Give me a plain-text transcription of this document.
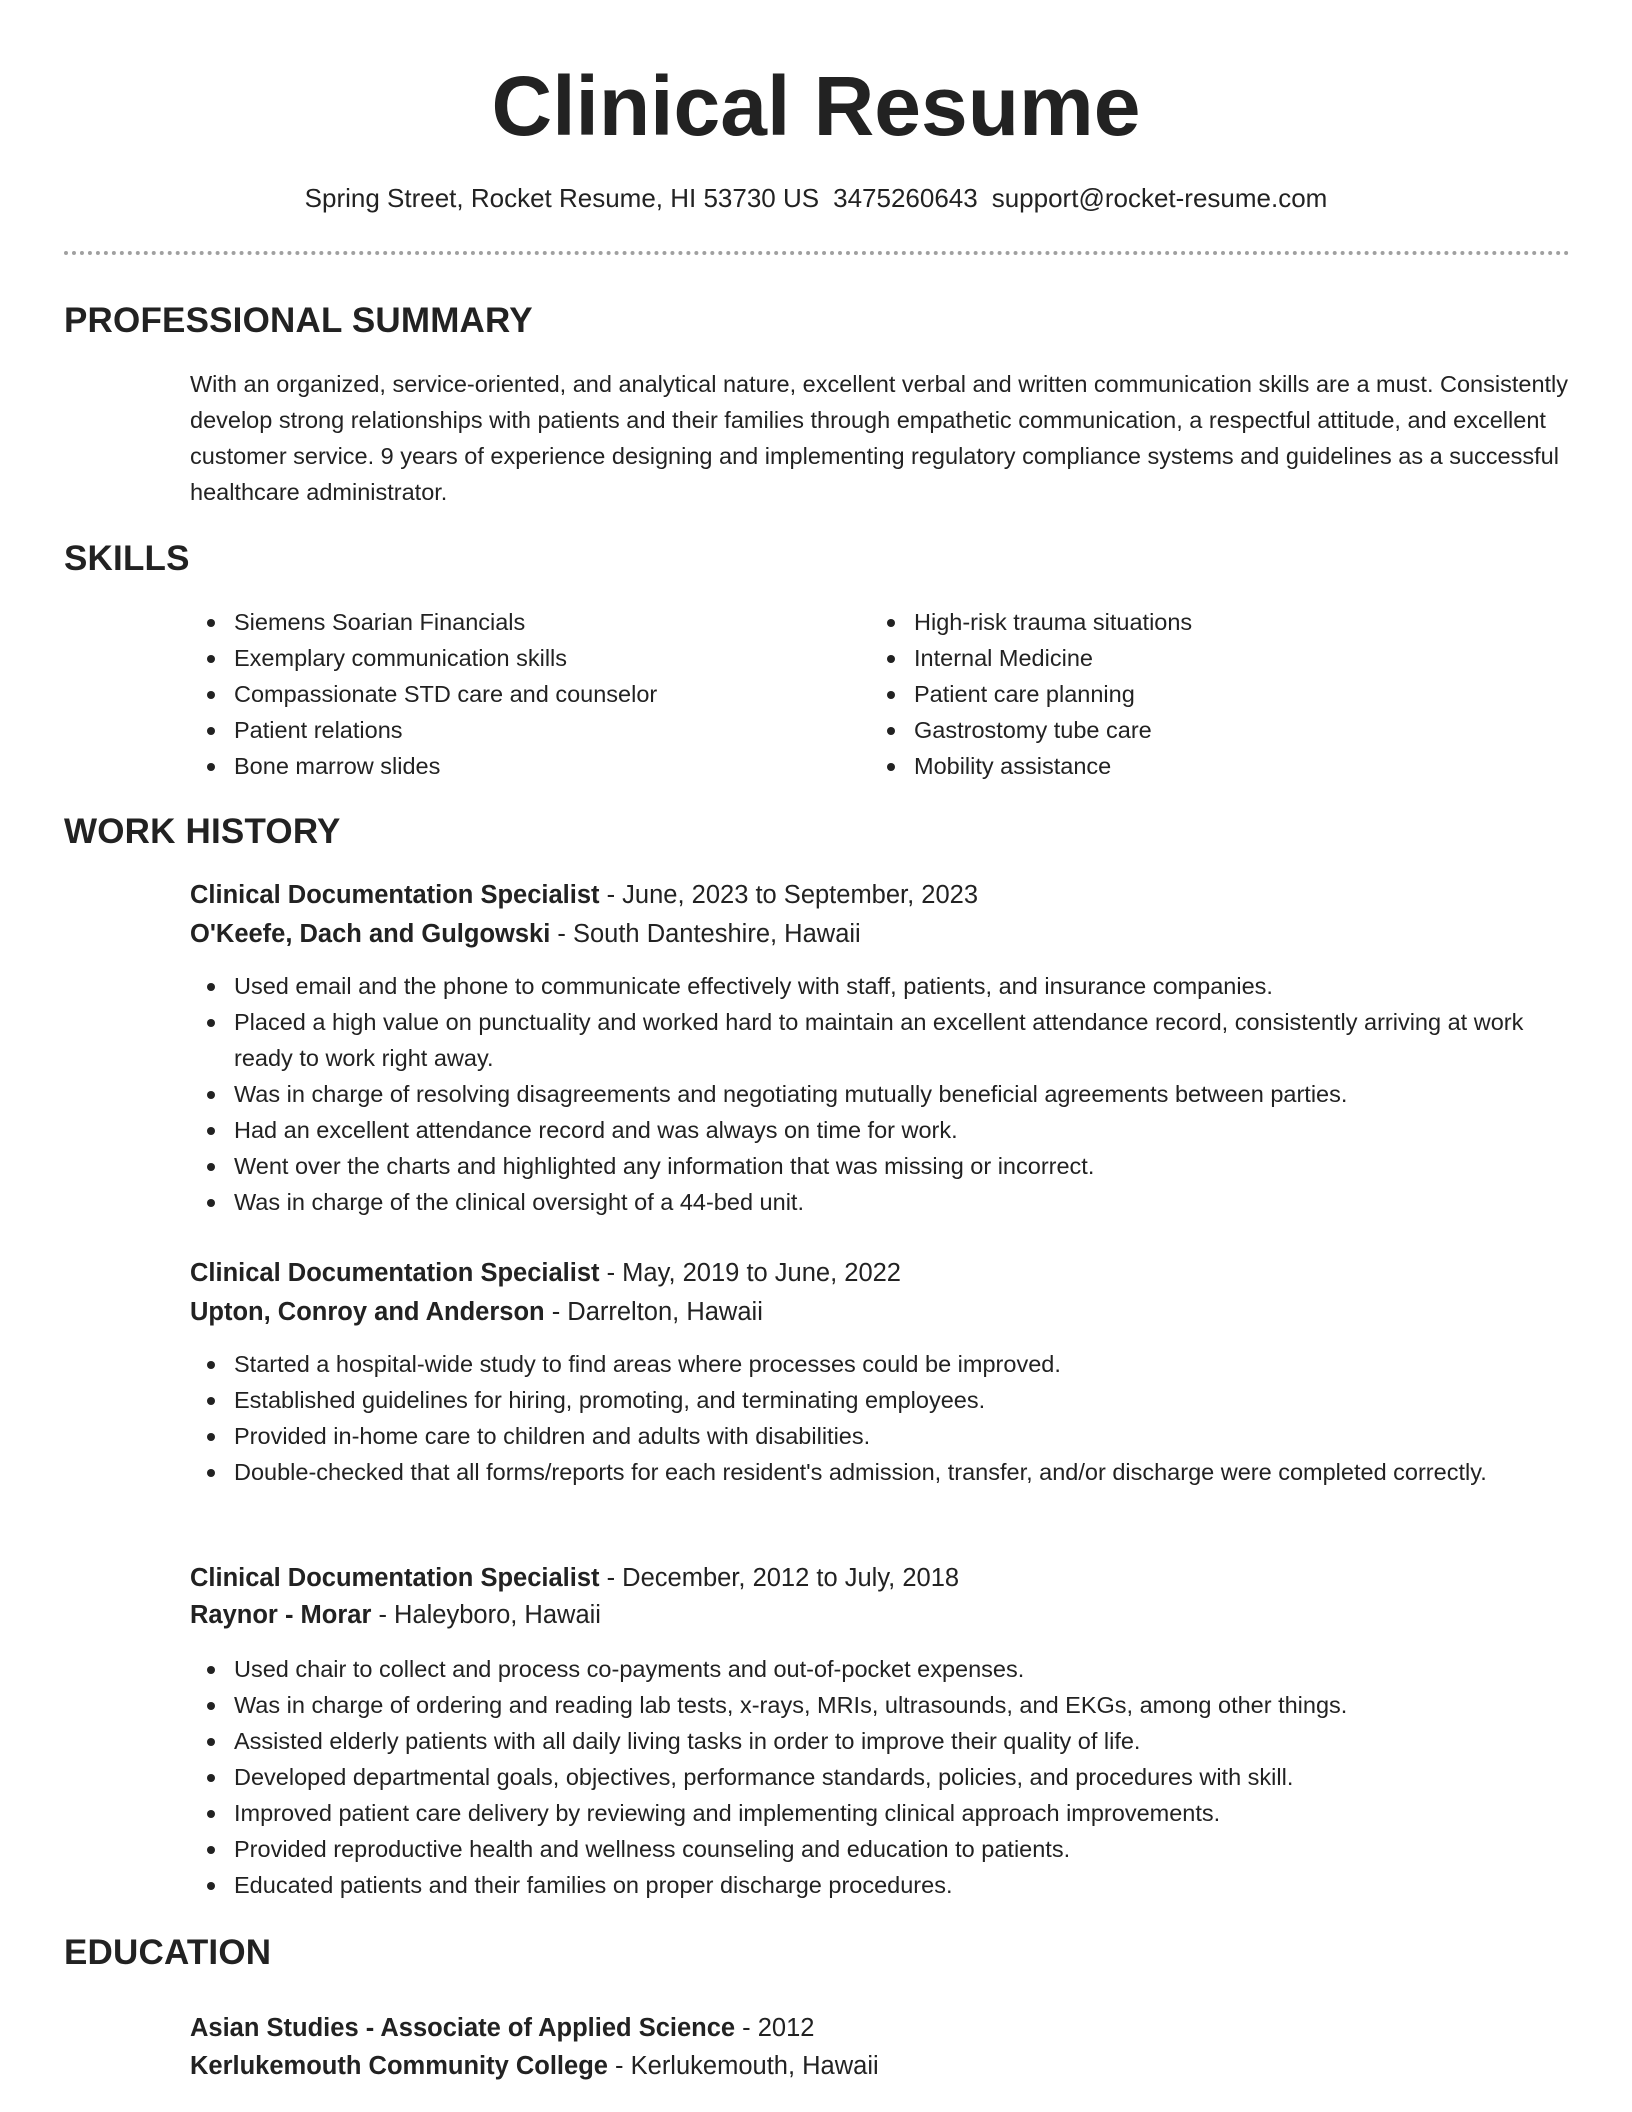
Clinical Resume
Spring Street, Rocket Resume, HI 53730 US 3475260643 support@rocket-resume.com
PROFESSIONAL SUMMARY

With an organized, service-oriented, and analytical nature, excellent verbal and written communication skills are a must. Consistently develop strong relationships with patients and their families through empathetic communication, a respectful attitude, and excellent customer service. 9 years of experience designing and implementing regulatory compliance systems and guidelines as a successful healthcare administrator.

SKILLS
Siemens Soarian Financials
Exemplary communication skills
Compassionate STD care and counselor
Patient relations
Bone marrow slides
High-risk trauma situations
Internal Medicine
Patient care planning
Gastrostomy tube care
Mobility assistance
WORK HISTORY
Clinical Documentation Specialist - June, 2023 to September, 2023
O'Keefe, Dach and Gulgowski - South Danteshire, Hawaii
Used email and the phone to communicate effectively with staff, patients, and insurance companies.
Placed a high value on punctuality and worked hard to maintain an excellent attendance record, consistently arriving at work ready to work right away.
Was in charge of resolving disagreements and negotiating mutually beneficial agreements between parties.
Had an excellent attendance record and was always on time for work.
Went over the charts and highlighted any information that was missing or incorrect.
Was in charge of the clinical oversight of a 44-bed unit.
Clinical Documentation Specialist - May, 2019 to June, 2022
Upton, Conroy and Anderson - Darrelton, Hawaii
Started a hospital-wide study to find areas where processes could be improved.
Established guidelines for hiring, promoting, and terminating employees.
Provided in-home care to children and adults with disabilities.
Double-checked that all forms/reports for each resident's admission, transfer, and/or discharge were completed correctly.
Clinical Documentation Specialist - December, 2012 to July, 2018
Raynor - Morar - Haleyboro, Hawaii
Used chair to collect and process co-payments and out-of-pocket expenses.
Was in charge of ordering and reading lab tests, x-rays, MRIs, ultrasounds, and EKGs, among other things.
Assisted elderly patients with all daily living tasks in order to improve their quality of life.
Developed departmental goals, objectives, performance standards, policies, and procedures with skill.
Improved patient care delivery by reviewing and implementing clinical approach improvements.
Provided reproductive health and wellness counseling and education to patients.
Educated patients and their families on proper discharge procedures.
EDUCATION
Asian Studies - Associate of Applied Science - 2012
Kerlukemouth Community College - Kerlukemouth, Hawaii
